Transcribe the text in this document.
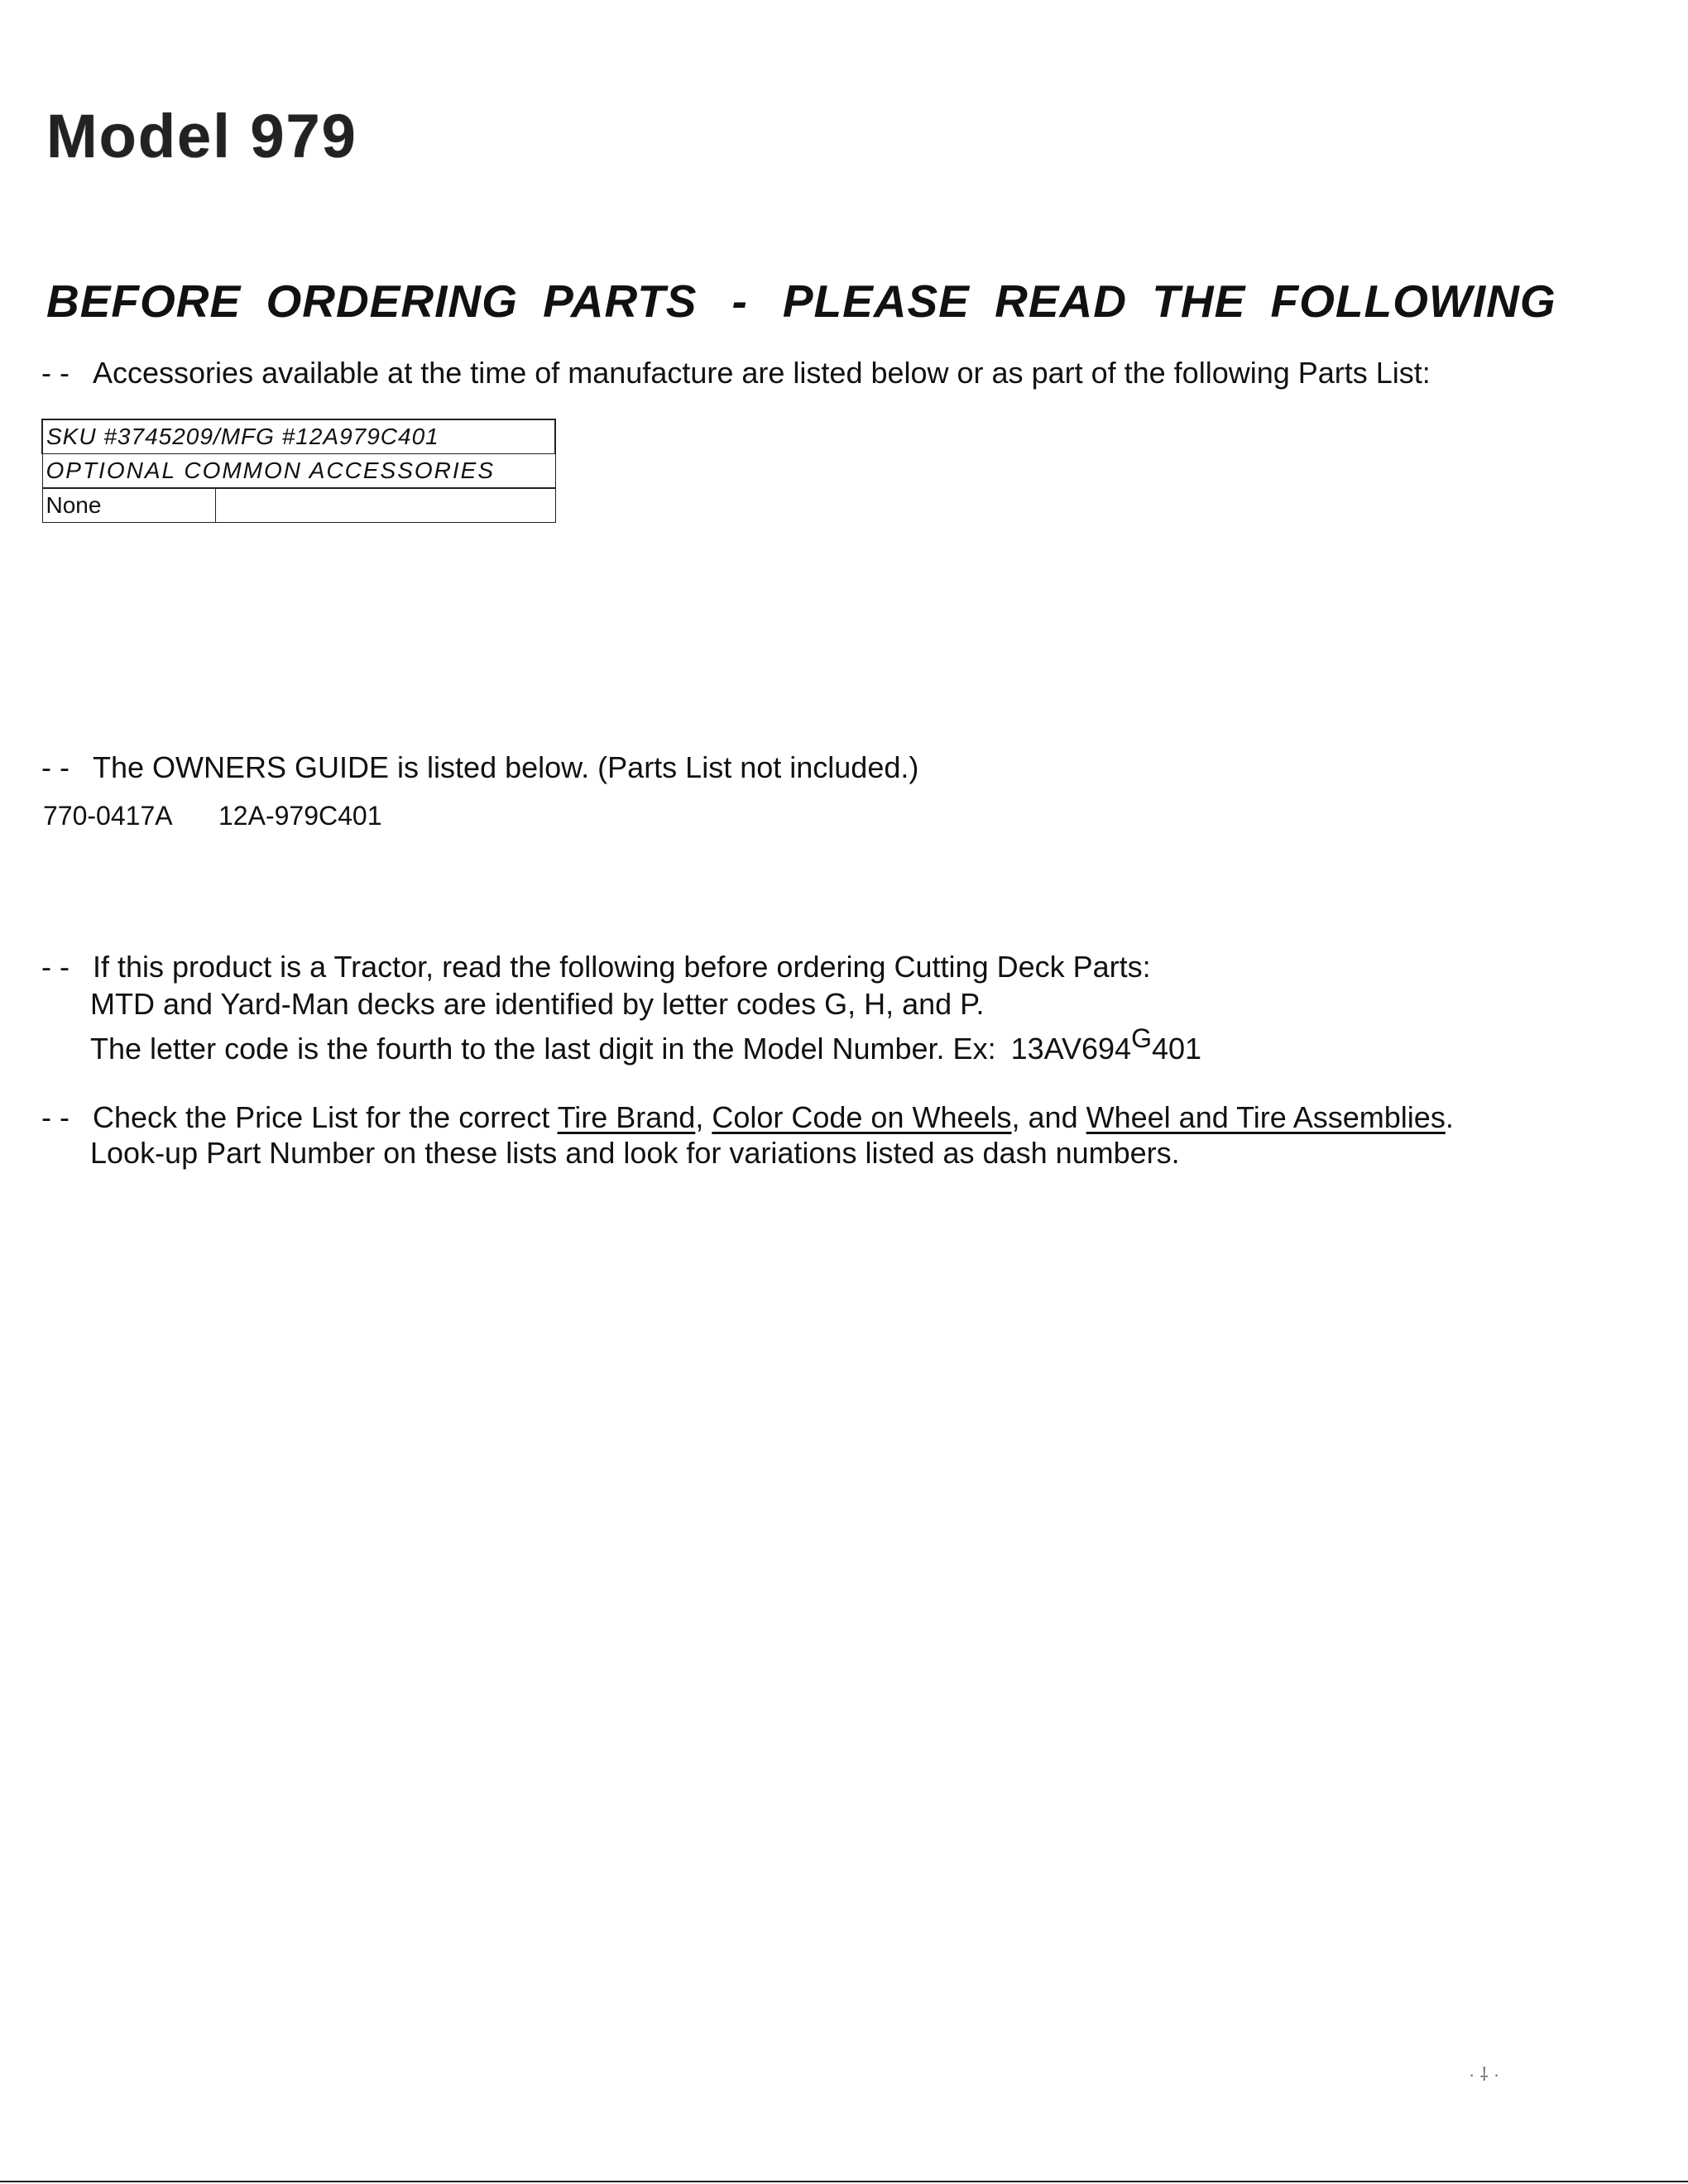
Model 979
BEFORE ORDERING PARTS - PLEASE READ THE FOLLOWING
- - Accessories available at the time of manufacture are listed below or as part of the following Parts List:
SKU #3745209/MFG #12A979C401
OPTIONAL COMMON ACCESSORIES
None	
- - The OWNERS GUIDE is listed below. (Parts List not included.)
770-0417A 12A-979C401
- - If this product is a Tractor, read the following before ordering Cutting Deck Parts:
MTD and Yard-Man decks are identified by letter codes G, H, and P.
The letter code is the fourth to the last digit in the Model Number. Ex: $13AV694^G401$
- - Check the Price List for the correct Tire Brand, Color Code on Wheels, and Wheel and Tire Assemblies.
Look-up Part Number on these lists and look for variations listed as dash numbers.
· ⸸ ·
